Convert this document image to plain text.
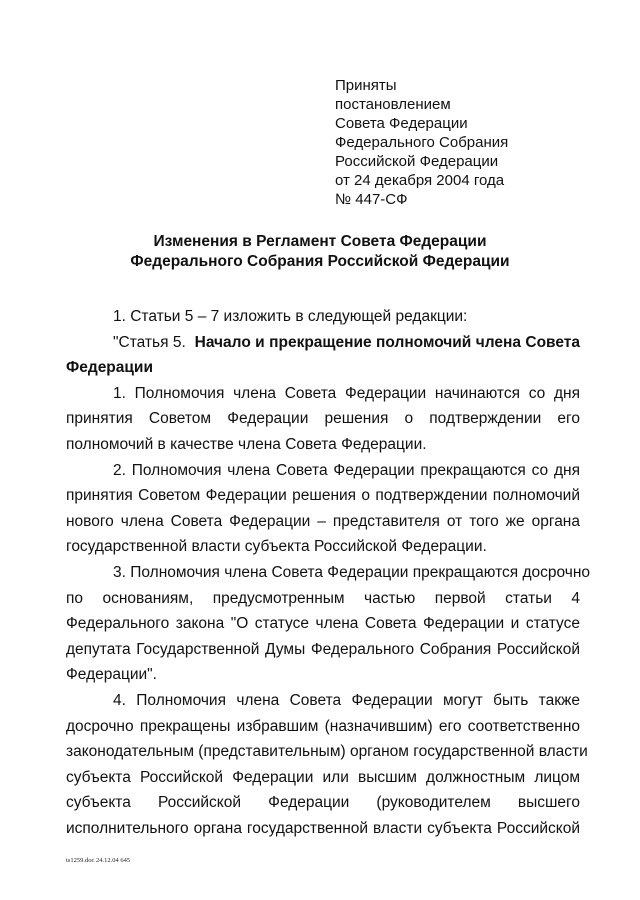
Приняты
постановлением
Совета Федерации
Федерального Собрания
Российской Федерации
от 24 декабря 2004 года
№ 447-СФ
Изменения в Регламент Совета Федерации
Федерального Собрания Российской Федерации
1. Статьи 5 – 7 изложить в следующей редакции:
"Статья 5. Начало и прекращение полномочий члена Совета
Федерации
1. Полномочия члена Совета Федерации начинаются со дня
принятия Советом Федерации решения о подтверждении его
полномочий в качестве члена Совета Федерации.
2. Полномочия члена Совета Федерации прекращаются со дня
принятия Советом Федерации решения о подтверждении полномочий
нового члена Совета Федерации – представителя от того же органа
государственной власти субъекта Российской Федерации.
3. Полномочия члена Совета Федерации прекращаются досрочно
по основаниям, предусмотренным частью первой статьи 4
Федерального закона "О статусе члена Совета Федерации и статусе
депутата Государственной Думы Федерального Собрания Российской
Федерации".
4. Полномочия члена Совета Федерации могут быть также
досрочно прекращены избравшим (назначившим) его соответственно
законодательным (представительным) органом государственной власти
субъекта Российской Федерации или высшим должностным лицом
субъекта Российской Федерации (руководителем высшего
исполнительного органа государственной власти субъекта Российской
ts1259.doc 24.12.04 645
